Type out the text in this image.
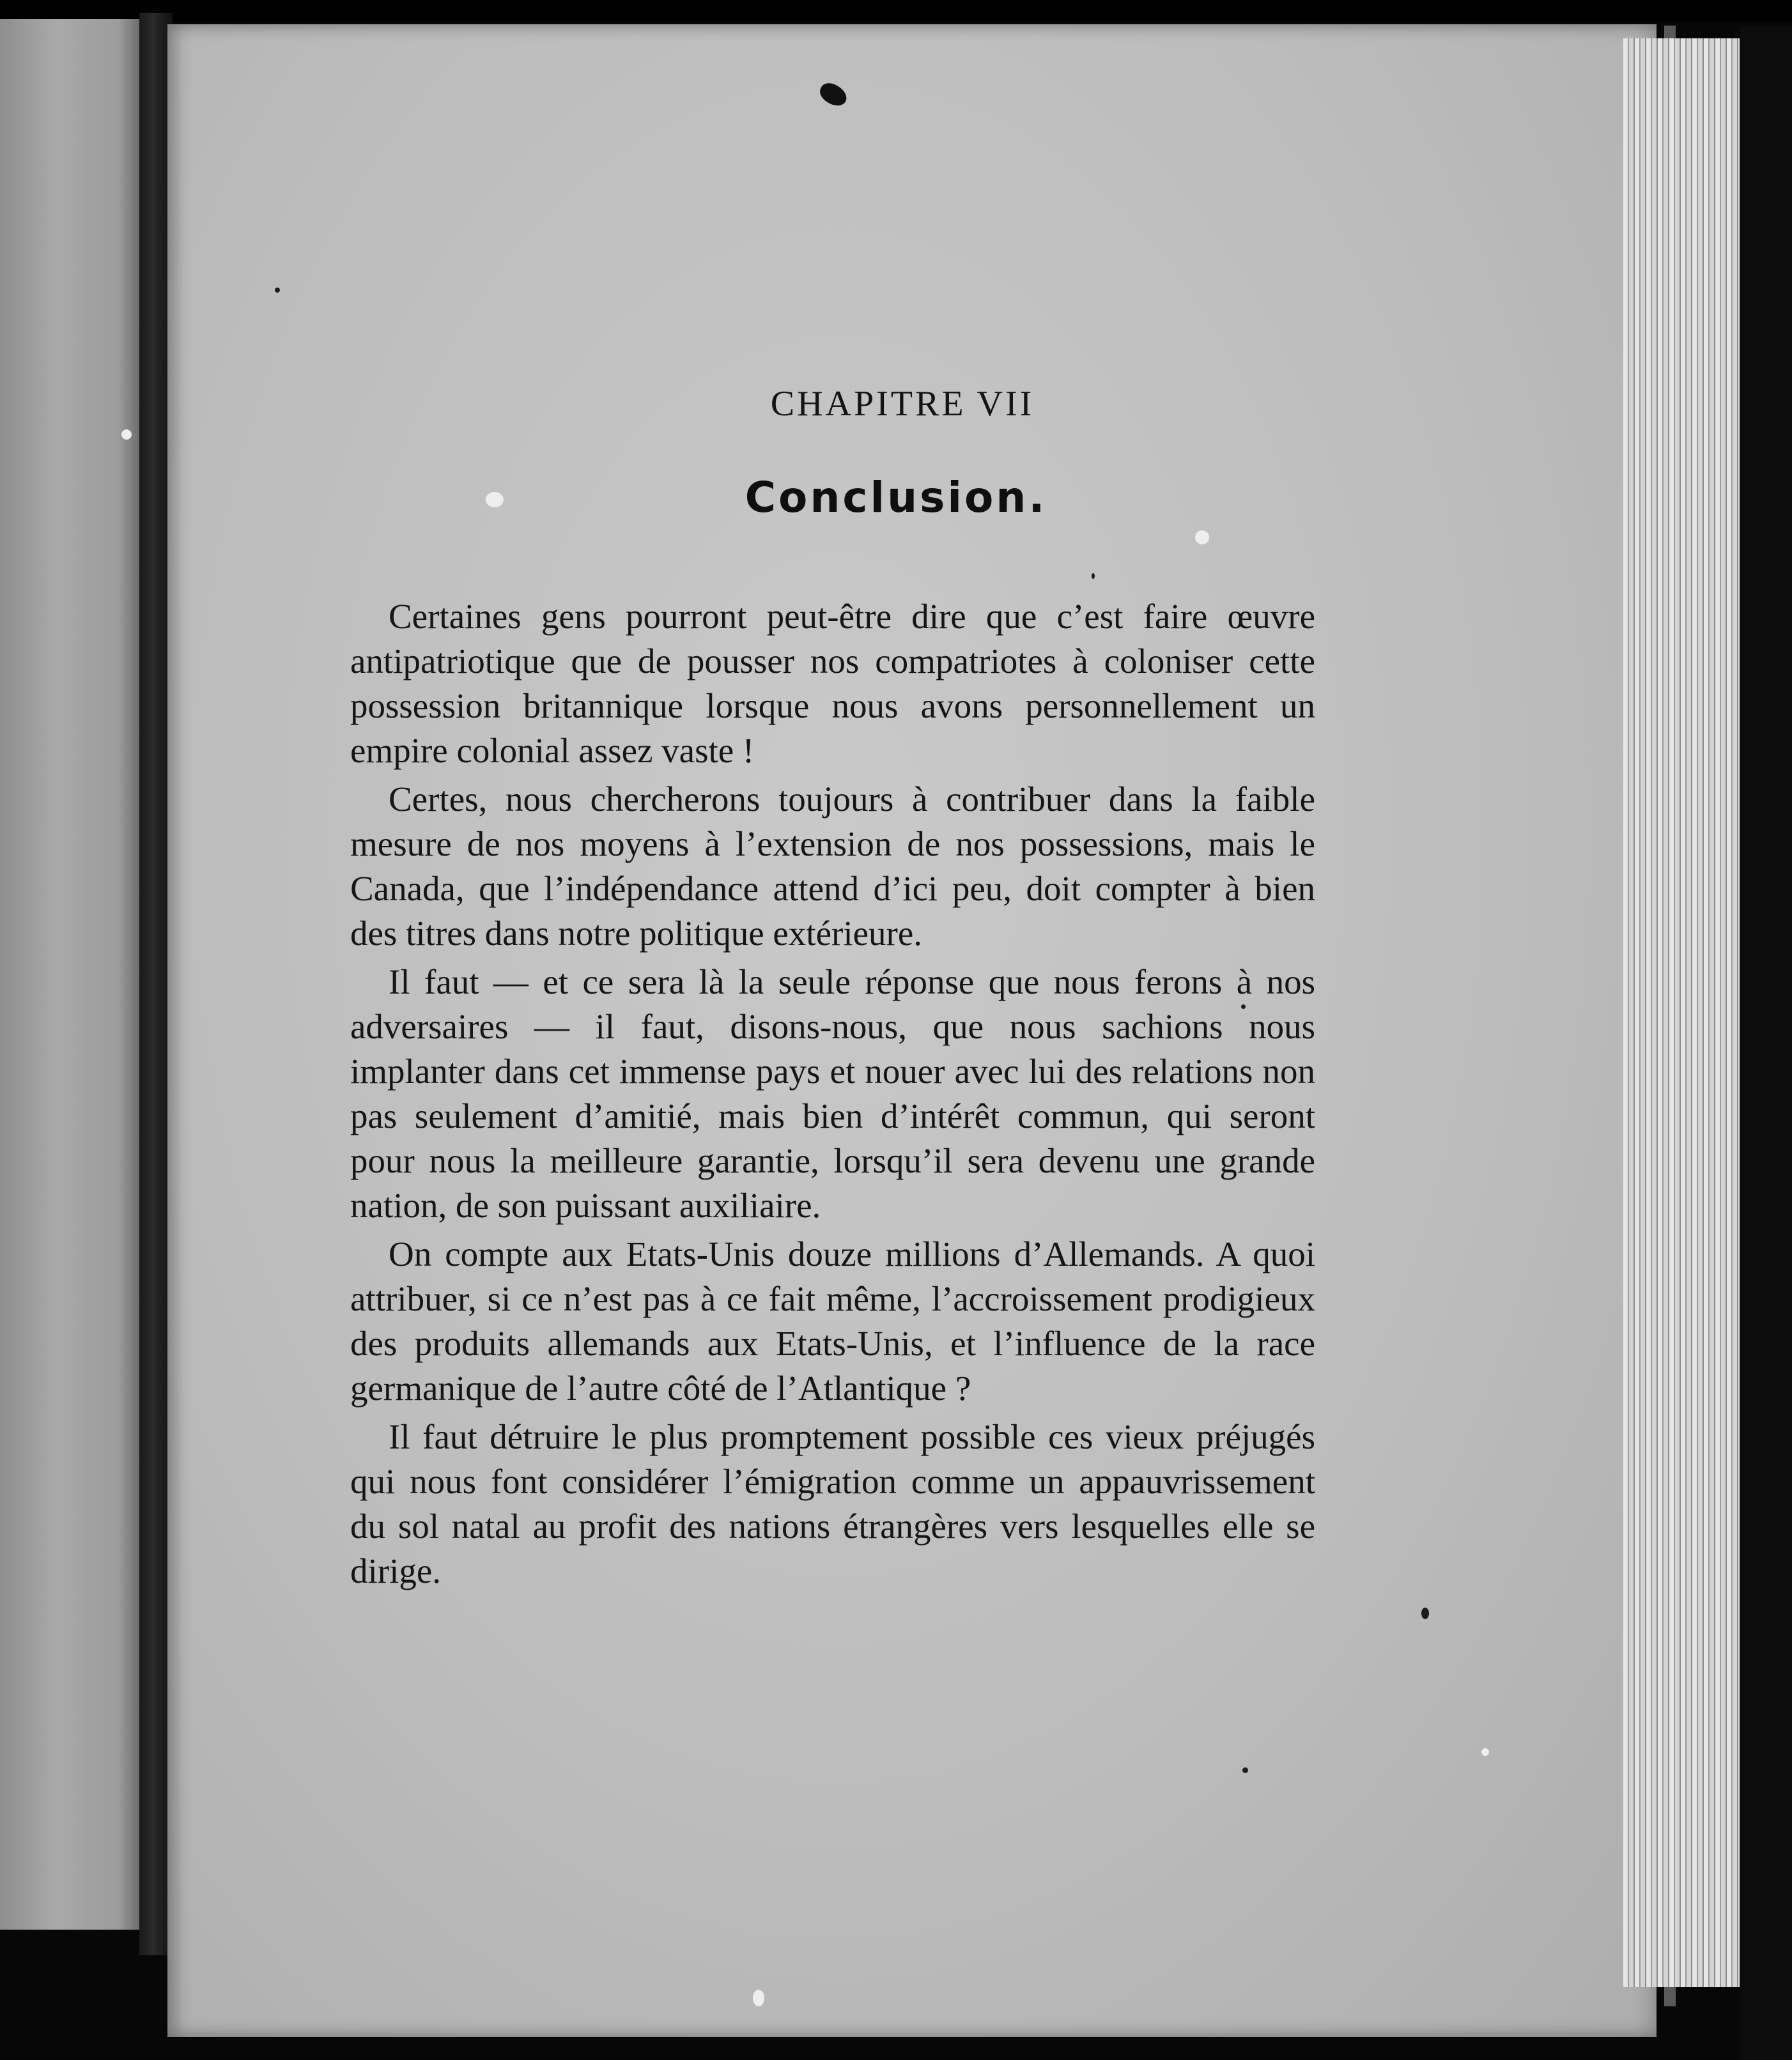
CHAPITRE VII
Conclusion.

Certaines gens pourront peut-être dire que c’est faire œuvre antipatriotique que de pousser nos compatriotes à coloniser cette possession britannique lorsque nous avons personnellement un empire colonial assez vaste !

Certes, nous chercherons toujours à contribuer dans la faible mesure de nos moyens à l’extension de nos possessions, mais le Canada, que l’indépendance attend d’ici peu, doit compter à bien des titres dans notre politique extérieure.

Il faut — et ce sera là la seule réponse que nous ferons à nos adversaires — il faut, disons-nous, que nous sachions nous implanter dans cet immense pays et nouer avec lui des relations non pas seulement d’amitié, mais bien d’intérêt commun, qui seront pour nous la meilleure garantie, lorsqu’il sera devenu une grande nation, de son puissant auxiliaire.

On compte aux Etats-Unis douze millions d’Allemands. A quoi attribuer, si ce n’est pas à ce fait même, l’accroissement prodigieux des produits allemands aux Etats-Unis, et l’influence de la race germanique de l’autre côté de l’Atlantique ?

Il faut détruire le plus promptement possible ces vieux préjugés qui nous font considérer l’émigration comme un appauvrissement du sol natal au profit des nations étrangères vers lesquelles elle se dirige.
